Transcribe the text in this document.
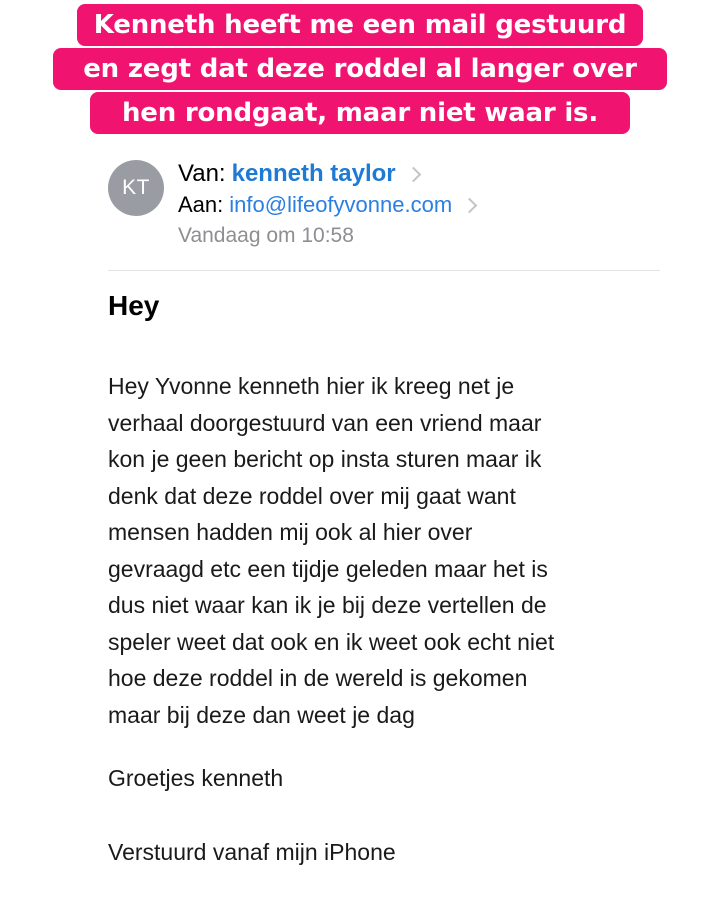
Kenneth heeft me een mail gestuurd
en zegt dat deze roddel al langer over
hen rondgaat, maar niet waar is.
KT
Van: kenneth taylor
Aan: info@lifeofyvonne.com
Vandaag om 10:58
Hey
Hey Yvonne kenneth hier ik kreeg net je
verhaal doorgestuurd van een vriend maar
kon je geen bericht op insta sturen maar ik
denk dat deze roddel over mij gaat want
mensen hadden mij ook al hier over
gevraagd etc een tijdje geleden maar het is
dus niet waar kan ik je bij deze vertellen de
speler weet dat ook en ik weet ook echt niet
hoe deze roddel in de wereld is gekomen
maar bij deze dan weet je dag
Groetjes kenneth
Verstuurd vanaf mijn iPhone
